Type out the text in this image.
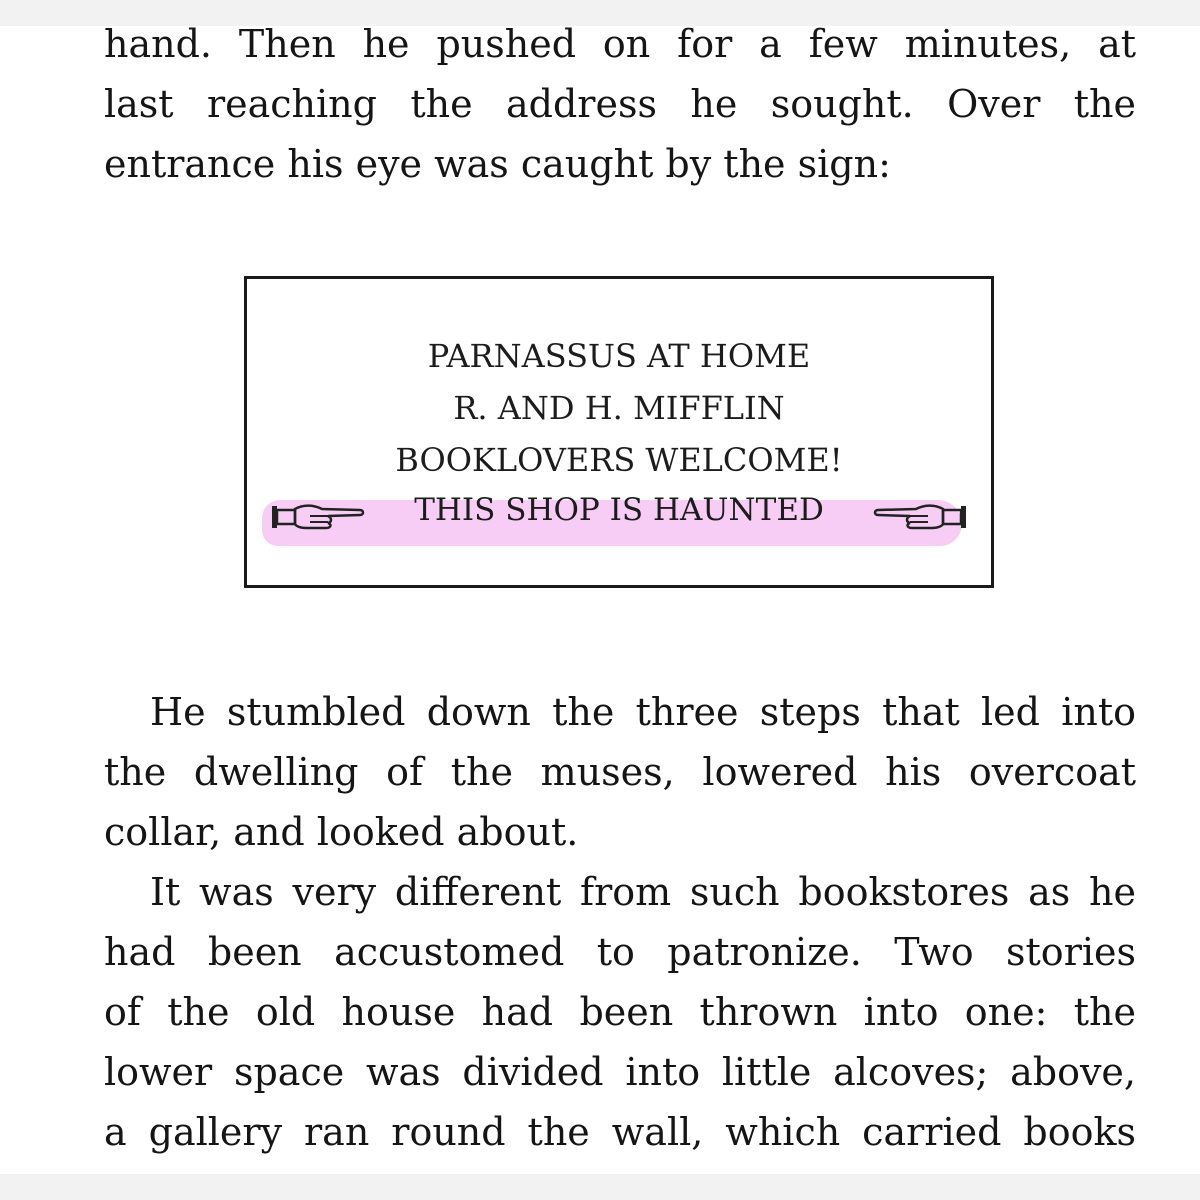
hand. Then he pushed on for a few minutes, at
last reaching the address he sought. Over the
entrance his eye was caught by the sign:
PARNASSUS AT HOME
R. AND H. MIFFLIN
BOOKLOVERS WELCOME!
THIS SHOP IS HAUNTED
He stumbled down the three steps that led into
the dwelling of the muses, lowered his overcoat
collar, and looked about.
It was very different from such bookstores as he
had been accustomed to patronize. Two stories
of the old house had been thrown into one: the
lower space was divided into little alcoves; above,
a gallery ran round the wall, which carried books
